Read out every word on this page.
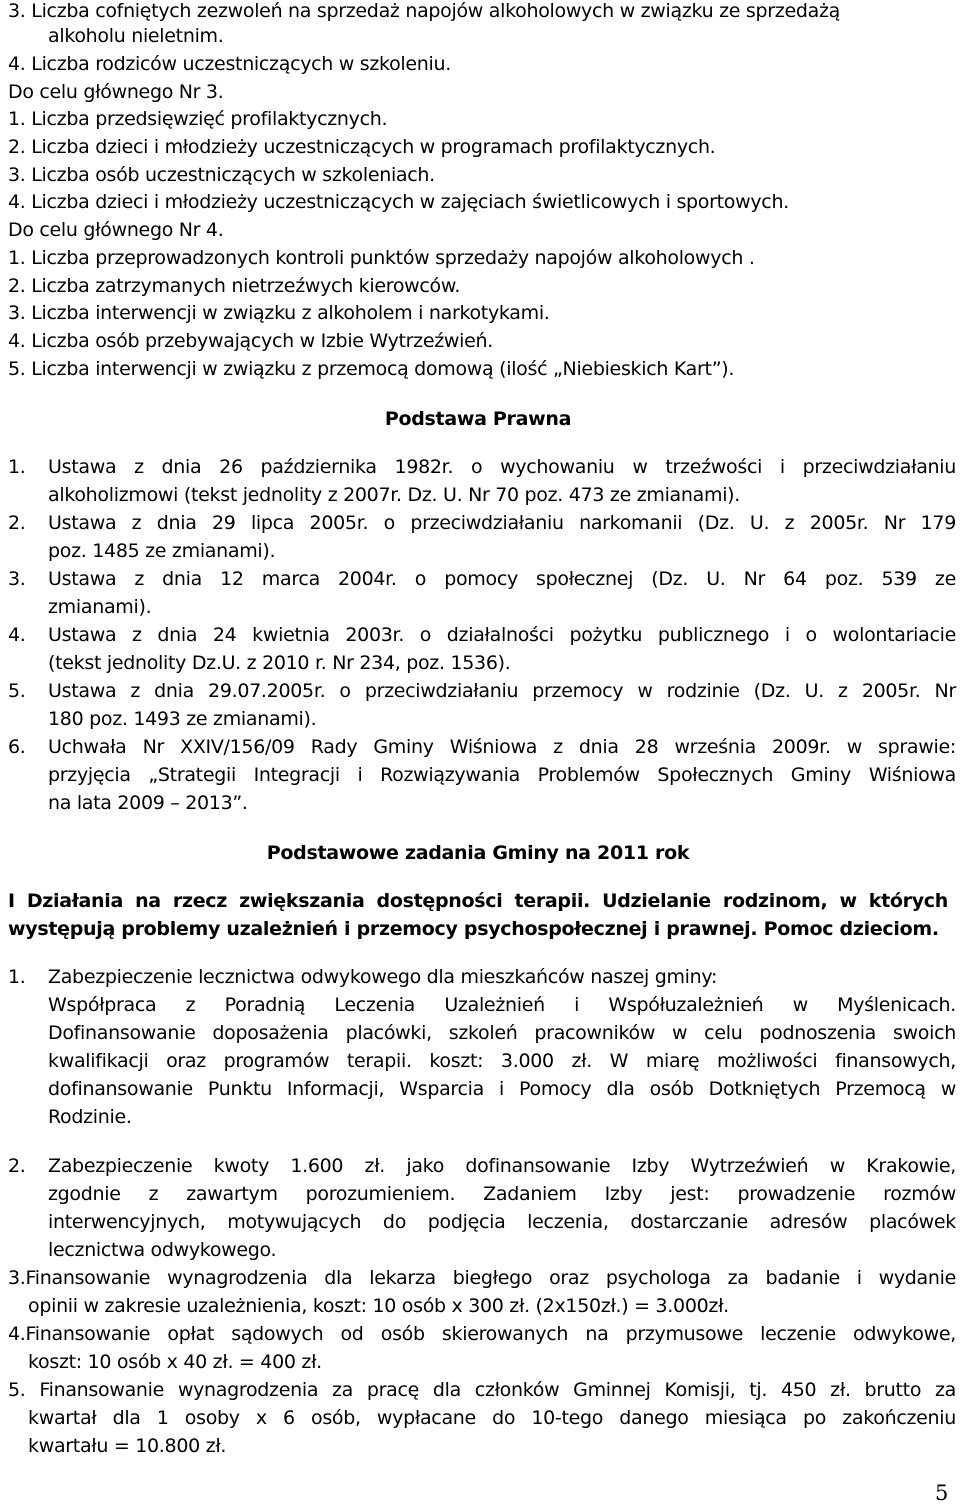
3. Liczba cofniętych zezwoleń na sprzedaż napojów alkoholowych w związku ze sprzedażą
alkoholu nieletnim.
4. Liczba rodziców uczestniczących w szkoleniu.
Do celu głównego Nr 3.
1. Liczba przedsięwzięć profilaktycznych.
2. Liczba dzieci i młodzieży uczestniczących w programach profilaktycznych.
3. Liczba osób uczestniczących w szkoleniach.
4. Liczba dzieci i młodzieży uczestniczących w zajęciach świetlicowych i sportowych.
Do celu głównego Nr 4.
1. Liczba przeprowadzonych kontroli punktów sprzedaży napojów alkoholowych .
2. Liczba zatrzymanych nietrzeźwych kierowców.
3. Liczba interwencji w związku z alkoholem i narkotykami.
4. Liczba osób przebywających w Izbie Wytrzeźwień.
5. Liczba interwencji w związku z przemocą domową (ilość „Niebieskich Kart”).
Podstawa Prawna
1. Ustawa z dnia 26 października 1982r. o wychowaniu w trzeźwości i przeciwdziałaniu
alkoholizmowi (tekst jednolity z 2007r. Dz. U. Nr 70 poz. 473 ze zmianami).
2. Ustawa z dnia 29 lipca 2005r. o przeciwdziałaniu narkomanii (Dz. U. z 2005r. Nr 179
poz. 1485 ze zmianami).
3. Ustawa z dnia 12 marca 2004r. o pomocy społecznej (Dz. U. Nr 64 poz. 539 ze
zmianami).
4. Ustawa z dnia 24 kwietnia 2003r. o działalności pożytku publicznego i o wolontariacie
(tekst jednolity Dz.U. z 2010 r. Nr 234, poz. 1536).
5. Ustawa z dnia 29.07.2005r. o przeciwdziałaniu przemocy w rodzinie (Dz. U. z 2005r. Nr
180 poz. 1493 ze zmianami).
6. Uchwała Nr XXIV/156/09 Rady Gminy Wiśniowa z dnia 28 września 2009r. w sprawie:
przyjęcia „Strategii Integracji i Rozwiązywania Problemów Społecznych Gminy Wiśniowa
na lata 2009 – 2013”.
Podstawowe zadania Gminy na 2011 rok
I Działania na rzecz zwiększania dostępności terapii. Udzielanie rodzinom, w których
występują problemy uzależnień i przemocy psychospołecznej i prawnej. Pomoc dzieciom.
1. Zabezpieczenie lecznictwa odwykowego dla mieszkańców naszej gminy:
Współpraca z Poradnią Leczenia Uzależnień i Współuzależnień w Myślenicach.
Dofinansowanie doposażenia placówki, szkoleń pracowników w celu podnoszenia swoich
kwalifikacji oraz programów terapii. koszt: 3.000 zł. W miarę możliwości finansowych,
dofinansowanie Punktu Informacji, Wsparcia i Pomocy dla osób Dotkniętych Przemocą w
Rodzinie.
2. Zabezpieczenie kwoty 1.600 zł. jako dofinansowanie Izby Wytrzeźwień w Krakowie,
zgodnie z zawartym porozumieniem. Zadaniem Izby jest: prowadzenie rozmów
interwencyjnych, motywujących do podjęcia leczenia, dostarczanie adresów placówek
lecznictwa odwykowego.
3.Finansowanie wynagrodzenia dla lekarza biegłego oraz psychologa za badanie i wydanie
opinii w zakresie uzależnienia, koszt: 10 osób x 300 zł. (2x150zł.) = 3.000zł.
4.Finansowanie opłat sądowych od osób skierowanych na przymusowe leczenie odwykowe,
koszt: 10 osób x 40 zł. = 400 zł.
5. Finansowanie wynagrodzenia za pracę dla członków Gminnej Komisji, tj. 450 zł. brutto za
kwartał dla 1 osoby x 6 osób, wypłacane do 10-tego danego miesiąca po zakończeniu
kwartału = 10.800 zł.
5
